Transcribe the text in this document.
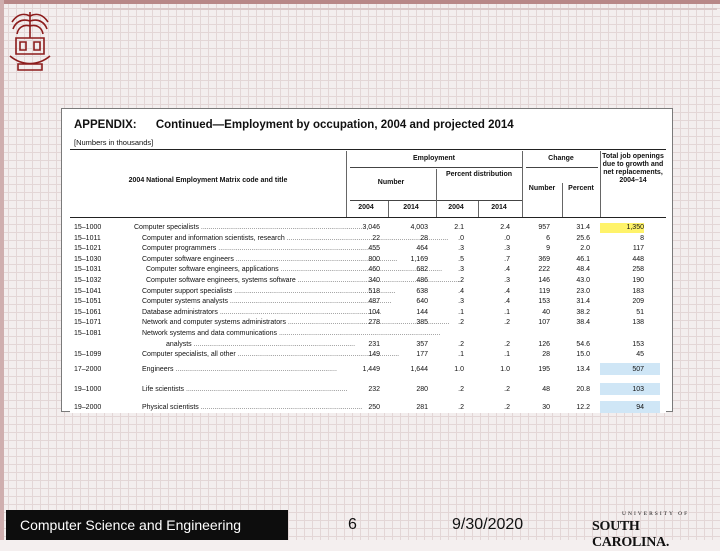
APPENDIX: Continued—Employment by occupation, 2004 and projected 2014
[Numbers in thousands]
2004 National Employment Matrix code and title
Employment
Number
Percent distribution
Change
Number	Percent
Total job openings due to growth and net replacements, 2004–14
2004	2014	2004	2014
15–1000	Computer specialists .....	3,046	4,003	2.1	2.4	957	31.4	1,350
15–1011	Computer and information scientists, research .....	22	28	.0	.0	6	25.6	8
15–1021	Computer programmers .....	455	464	.3	.3	9	2.0	117
15–1030	Computer software engineers .....	800	1,169	.5	.7	369	46.1	448
15–1031	Computer software engineers, applications .....	460	682	.3	.4	222	48.4	258
15–1032	Computer software engineers, systems software .....	340	486	.2	.3	146	43.0	190
15–1041	Computer support specialists .....	518	638	.4	.4	119	23.0	183
15–1051	Computer systems analysts .....	487	640	.3	.4	153	31.4	209
15–1061	Database administrators .....	104	144	.1	.1	40	38.2	51
15–1071	Network and computer systems administrators .....	278	385	.2	.2	107	38.4	138
15–1081	Network systems and data communications .....
analysts .....	231	357	.2	.2	126	54.6	153
15–1099	Computer specialists, all other .....	149	177	.1	.1	28	15.0	45
17–2000	Engineers .....	1,449	1,644	1.0	1.0	195	13.4	507
19–1000	Life scientists .....	232	280	.2	.2	48	20.8	103
19–2000	Physical scientists .....	250	281	.2	.2	30	12.2	94
Computer Science and Engineering	6	9/30/2020
UNIVERSITY OF
SOUTH CAROLINA.
